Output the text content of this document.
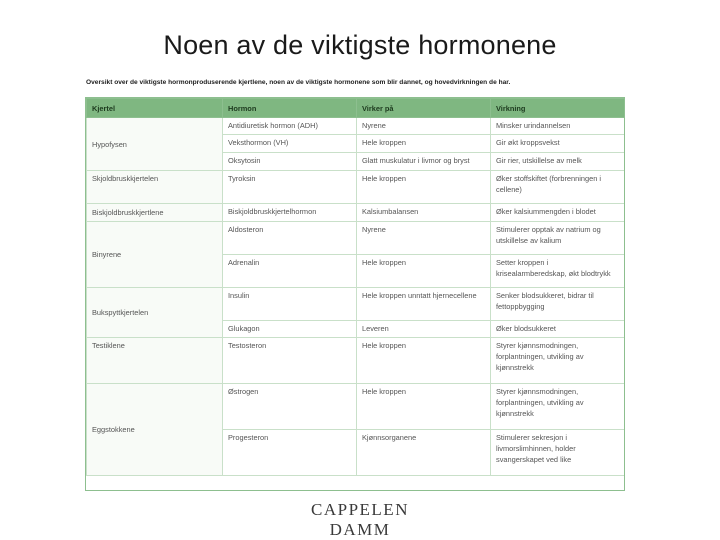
Noen av de viktigste hormonene
Oversikt over de viktigste hormonproduserende kjertlene, noen av de viktigste hormonene som blir dannet, og hovedvirkningen de har.
Kjertel	Hormon	Virker på	Virkning
Hypofysen	Antidiuretisk hormon (ADH)	Nyrene	Minsker urindannelsen
	Veksthormon (VH)	Hele kroppen	Gir økt kroppsvekst
	Oksytosin	Glatt muskulatur i livmor og bryst	Gir rier, utskillelse av melk
Skjoldbruskkjertelen	Tyroksin	Hele kroppen	Øker stoffskiftet (forbrenningen i cellene)
Biskjoldbruskkjertlene	Biskjoldbruskkjertelhormon	Kalsiumbalansen	Øker kalsiummengden i blodet
Binyrene	Aldosteron	Nyrene	Stimulerer opptak av natrium og utskillelse av kalium
	Adrenalin	Hele kroppen	Setter kroppen i krisealarmberedskap, økt blodtrykk
Bukspyttkjertelen	Insulin	Hele kroppen unntatt hjernecellene	Senker blodsukkeret, bidrar til fettoppbygging
	Glukagon	Leveren	Øker blodsukkeret
Testiklene	Testosteron	Hele kroppen	Styrer kjønnsmodningen, forplantningen, utvikling av kjønnstrekk
Eggstokkene	Østrogen	Hele kroppen	Styrer kjønnsmodningen, forplantningen, utvikling av kjønnstrekk
	Progesteron	Kjønnsorganene	Stimulerer sekresjon i livmorslimhinnen, holder svangerskapet ved like
CAPPELEN DAMM
